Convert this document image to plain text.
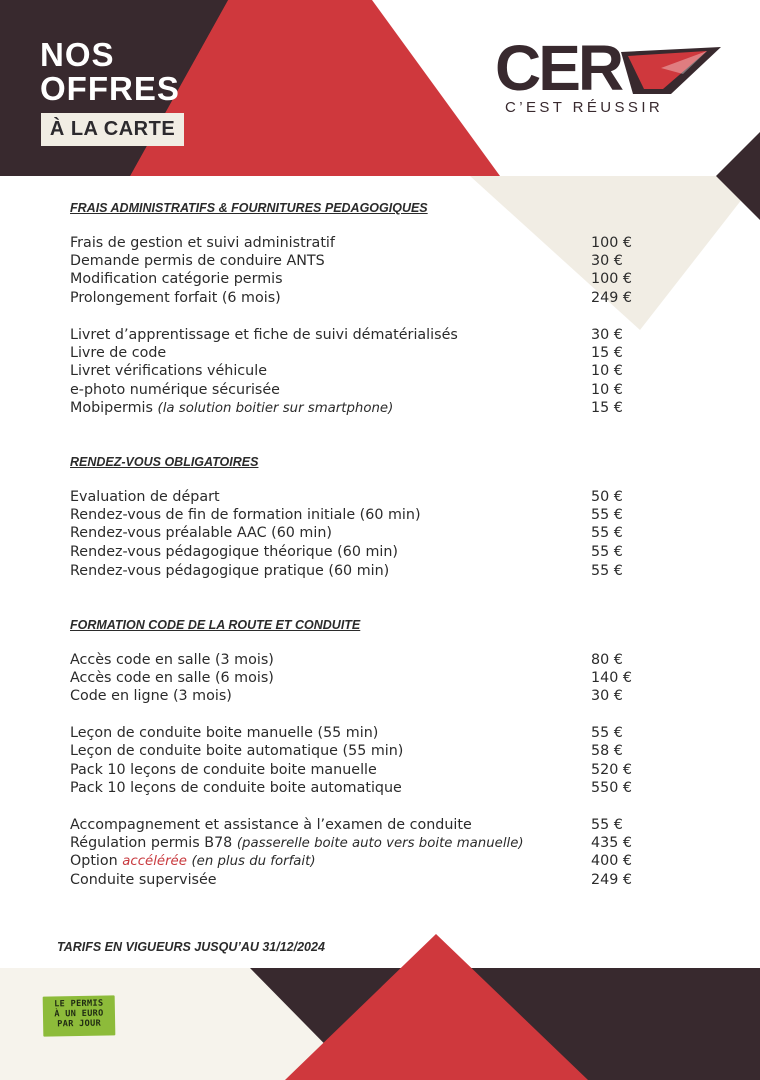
NOS
OFFRES
À LA CARTE
CER
C’EST RÉUSSIR
FRAIS ADMINISTRATIFS & FOURNITURES PEDAGOGIQUES
Frais de gestion et suivi administratif	100 €
Demande permis de conduire ANTS	30 €
Modification catégorie permis	100 €
Prolongement forfait (6 mois)	249 €
Livret d’apprentissage et fiche de suivi dématérialisés	30 €
Livre de code	15 €
Livret vérifications véhicule	10 €
e-photo numérique sécurisée	10 €
Mobipermis (la solution boitier sur smartphone)	15 €
RENDEZ-VOUS OBLIGATOIRES
Evaluation de départ	50 €
Rendez-vous de fin de formation initiale (60 min)	55 €
Rendez-vous préalable AAC (60 min)	55 €
Rendez-vous pédagogique théorique (60 min)	55 €
Rendez-vous pédagogique pratique (60 min)	55 €
FORMATION CODE DE LA ROUTE ET CONDUITE
Accès code en salle (3 mois)	80 €
Accès code en salle (6 mois)	140 €
Code en ligne (3 mois)	30 €
Leçon de conduite boite manuelle (55 min)	55 €
Leçon de conduite boite automatique (55 min)	58 €
Pack 10 leçons de conduite boite manuelle	520 €
Pack 10 leçons de conduite boite automatique	550 €
Accompagnement et assistance à l’examen de conduite	55 €
Régulation permis B78 (passerelle boite auto vers boite manuelle)	435 €
Option accélérée (en plus du forfait)	400 €
Conduite supervisée	249 €
TARIFS EN VIGUEURS JUSQU’AU 31/12/2024
LE PERMIS
À UN EURO
PAR JOUR
